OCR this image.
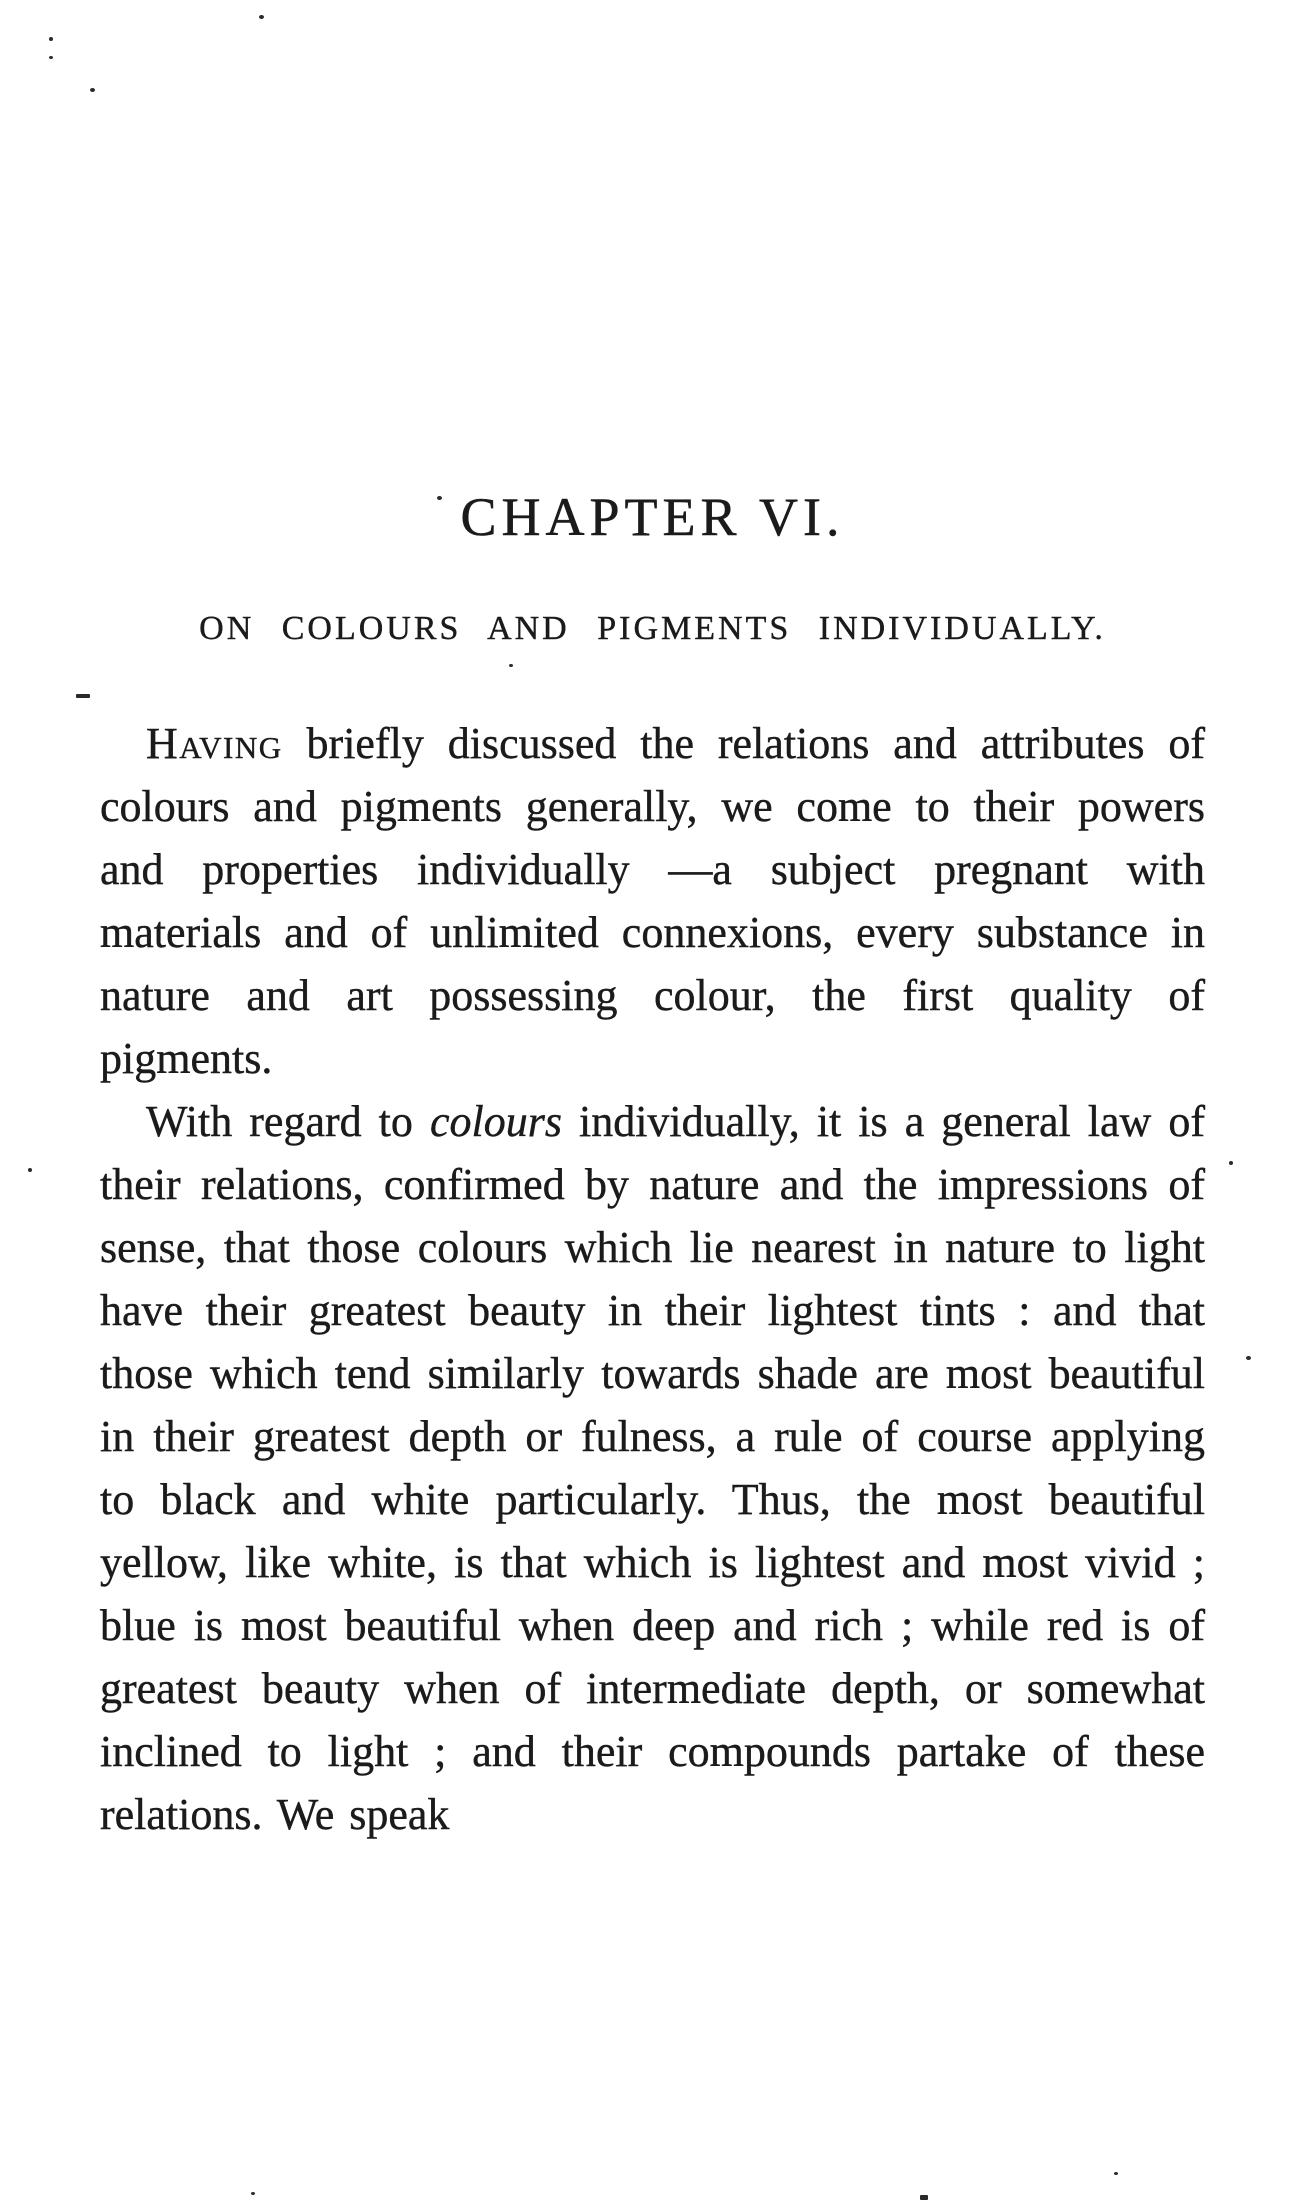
CHAPTER VI.
ON COLOURS AND PIGMENTS INDIVIDUALLY.

Having briefly discussed the relations and attributes of colours and pigments generally, we come to their powers and properties individually —a subject pregnant with materials and of unlimited connexions, every substance in nature and art possessing colour, the first quality of pigments.

With regard to colours individually, it is a general law of their relations, confirmed by nature and the impressions of sense, that those colours which lie nearest in nature to light have their greatest beauty in their lightest tints : and that those which tend similarly towards shade are most beautiful in their greatest depth or fulness, a rule of course applying to black and white particularly. Thus, the most beautiful yellow, like white, is that which is lightest and most vivid ; blue is most beautiful when deep and rich ; while red is of greatest beauty when of intermediate depth, or somewhat inclined to light ; and their compounds partake of these relations. We speak
